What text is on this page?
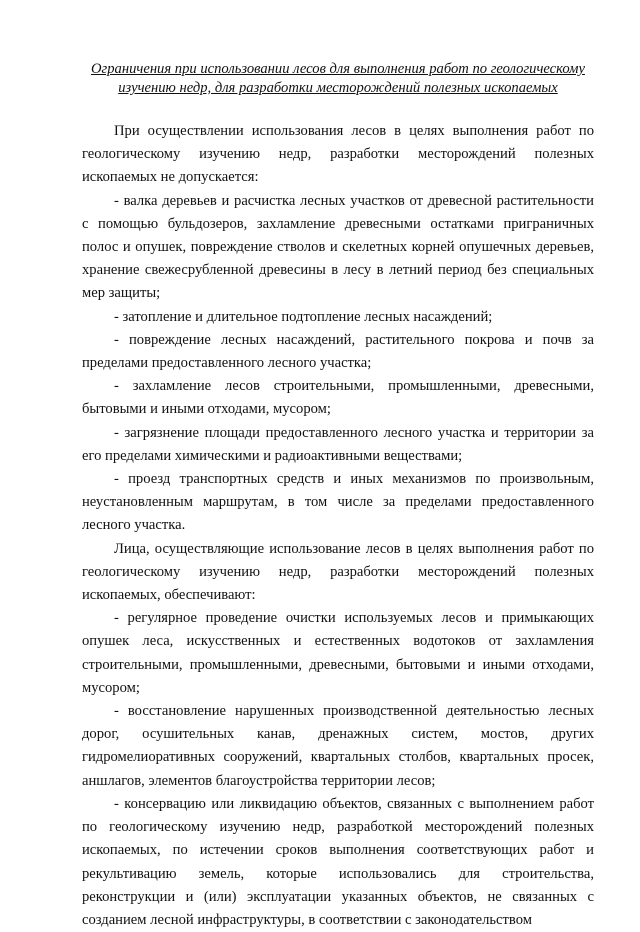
Ограничения при использовании лесов для выполнения работ по геологическому изучению недр, для разработки месторождений полезных ископаемых

При осуществлении использования лесов в целях выполнения работ по геологическому изучению недр, разработки месторождений полезных ископаемых не допускается:

- валка деревьев и расчистка лесных участков от древесной растительности с помощью бульдозеров, захламление древесными остатками приграничных полос и опушек, повреждение стволов и скелетных корней опушечных деревьев, хранение свежесрубленной древесины в лесу в летний период без специальных мер защиты;

- затопление и длительное подтопление лесных насаждений;

- повреждение лесных насаждений, растительного покрова и почв за пределами предоставленного лесного участка;

- захламление лесов строительными, промышленными, древесными, бытовыми и иными отходами, мусором;

- загрязнение площади предоставленного лесного участка и территории за его пределами химическими и радиоактивными веществами;

- проезд транспортных средств и иных механизмов по произвольным, неустановленным маршрутам, в том числе за пределами предоставленного лесного участка.

Лица, осуществляющие использование лесов в целях выполнения работ по геологическому изучению недр, разработки месторождений полезных ископаемых, обеспечивают:

- регулярное проведение очистки используемых лесов и примыкающих опушек леса, искусственных и естественных водотоков от захламления строительными, промышленными, древесными, бытовыми и иными отходами, мусором;

- восстановление нарушенных производственной деятельностью лесных дорог, осушительных канав, дренажных систем, мостов, других гидромелиоративных сооружений, квартальных столбов, квартальных просек, аншлагов, элементов благоустройства территории лесов;

- консервацию или ликвидацию объектов, связанных с выполнением работ по геологическому изучению недр, разработкой месторождений полезных ископаемых, по истечении сроков выполнения соответствующих работ и рекультивацию земель, которые использовались для строительства, реконструкции и (или) эксплуатации указанных объектов, не связанных с созданием лесной инфраструктуры, в соответствии с законодательством
